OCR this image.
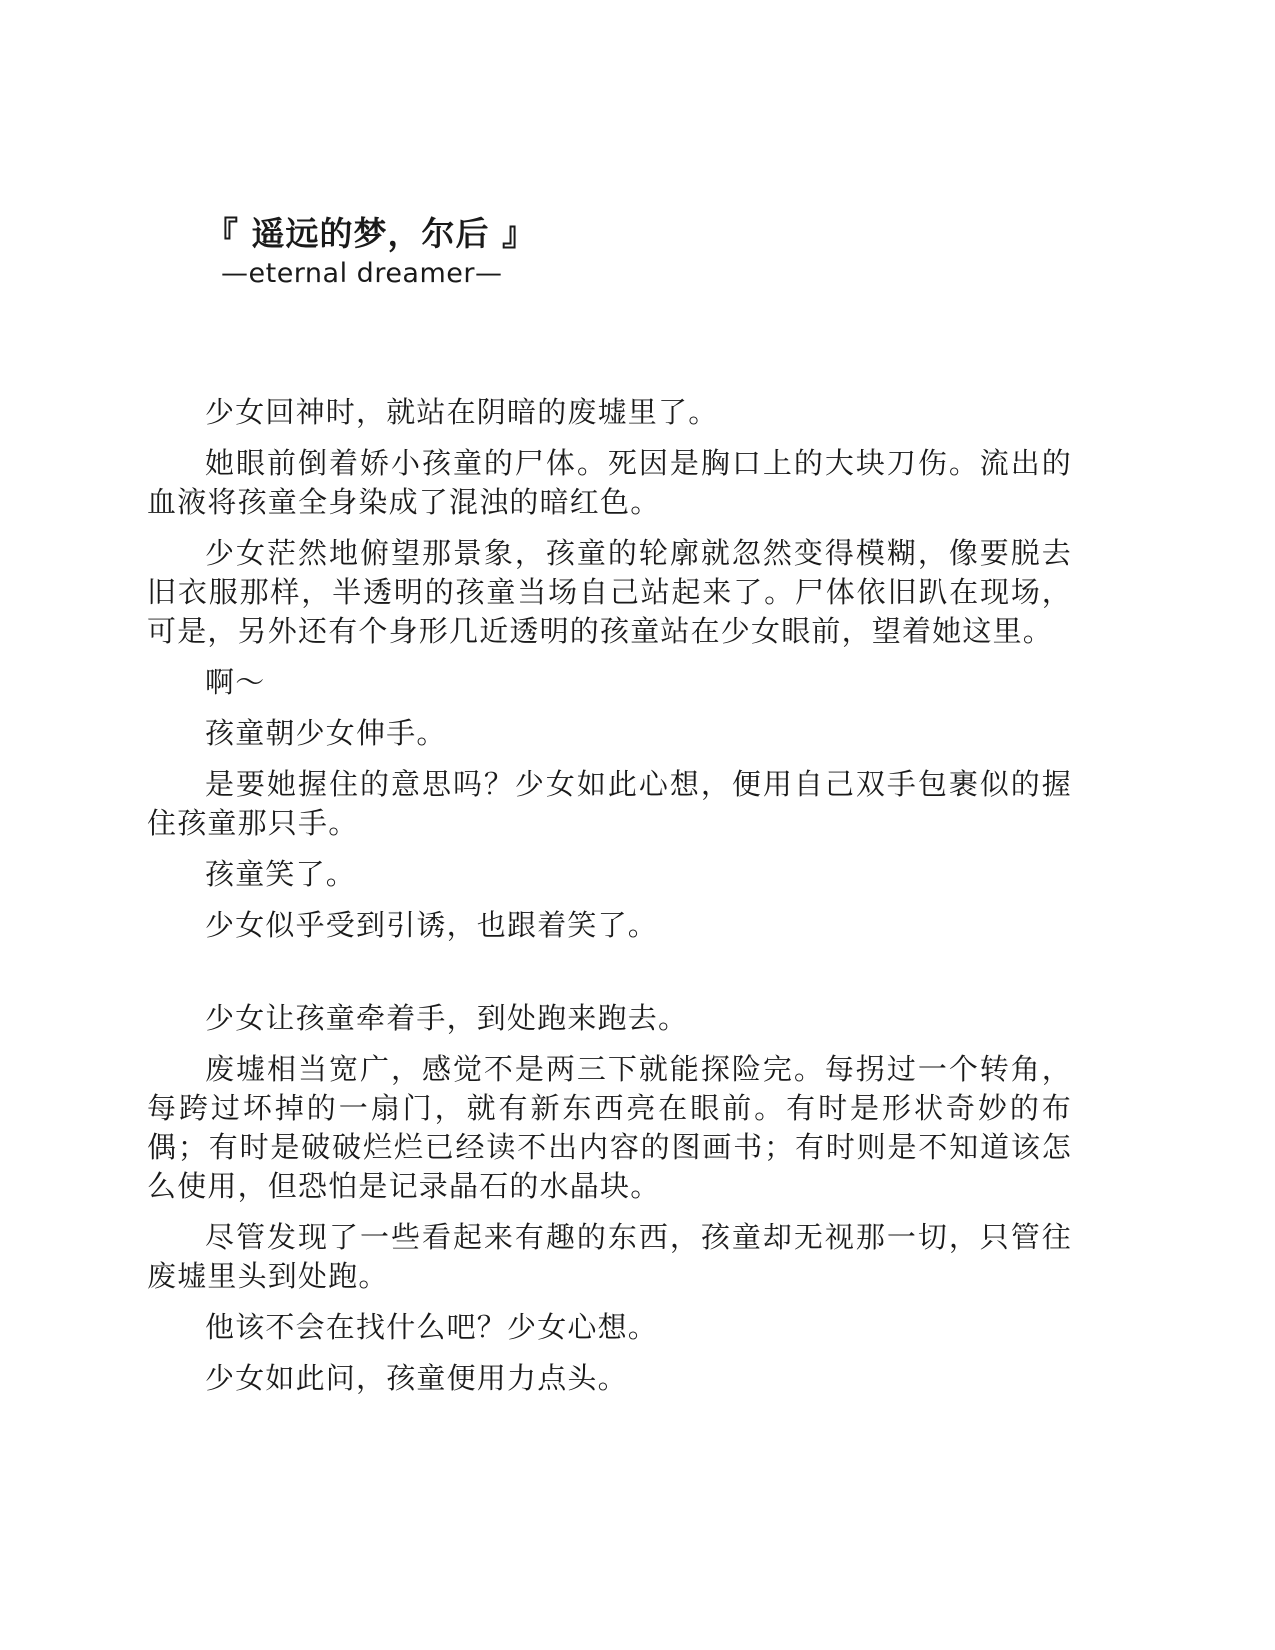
『 遥远的梦，尔后 』
—eternal dreamer—

少女回神时，就站在阴暗的废墟里了。

她眼前倒着娇小孩童的尸体。死因是胸口上的大块刀伤。流出的血液将孩童全身染成了混浊的暗红色。

少女茫然地俯望那景象，孩童的轮廓就忽然变得模糊，像要脱去旧衣服那样，半透明的孩童当场自己站起来了。尸体依旧趴在现场，可是，另外还有个身形几近透明的孩童站在少女眼前，望着她这里。

啊～

孩童朝少女伸手。

是要她握住的意思吗？少女如此心想，便用自己双手包裹似的握住孩童那只手。

孩童笑了。

少女似乎受到引诱，也跟着笑了。

少女让孩童牵着手，到处跑来跑去。

废墟相当宽广，感觉不是两三下就能探险完。每拐过一个转角，每跨过坏掉的一扇门，就有新东西亮在眼前。有时是形状奇妙的布偶；有时是破破烂烂已经读不出内容的图画书；有时则是不知道该怎么使用，但恐怕是记录晶石的水晶块。

尽管发现了一些看起来有趣的东西，孩童却无视那一切，只管往废墟里头到处跑。

他该不会在找什么吧？少女心想。

少女如此问，孩童便用力点头。
